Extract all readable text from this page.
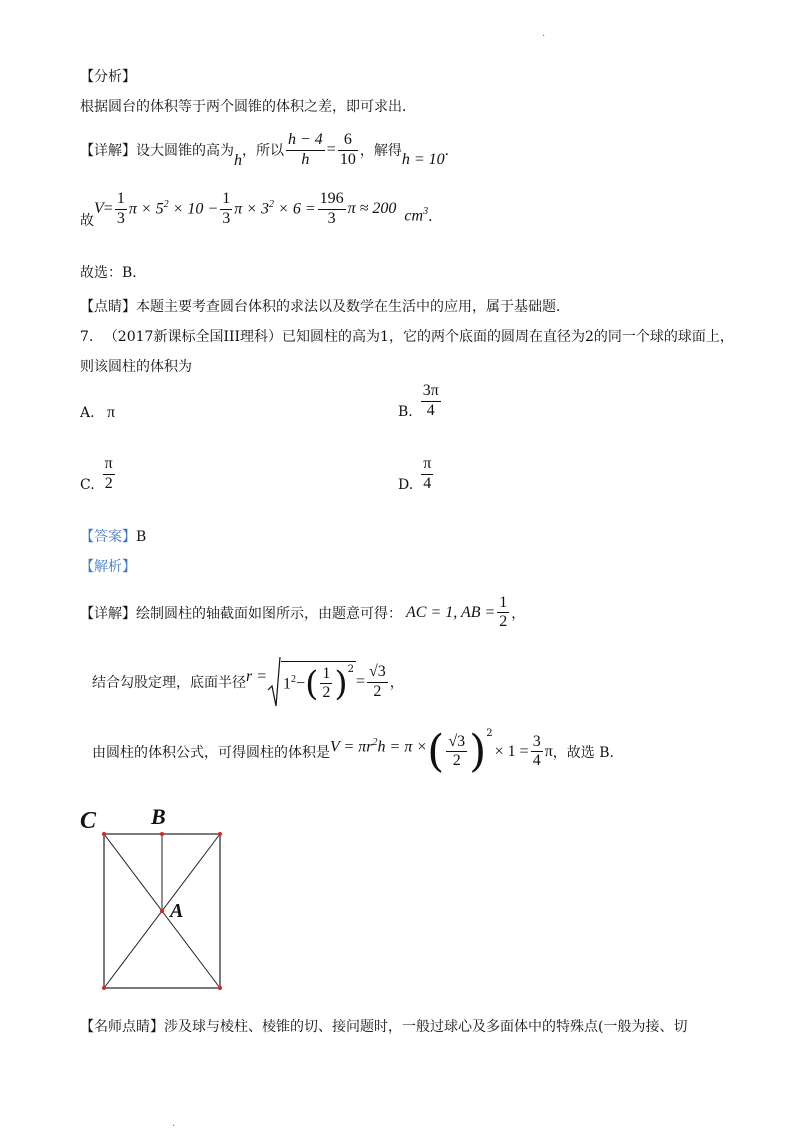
.
【分析】
根据圆台的体积等于两个圆锥的体积之差，即可求出．
【详解】 设大圆锥的高为
h
，所以 $\frac{h - 4}{h} = \frac{6}{10}$ ，解得 h = 10 ．
故
$V = \frac{1}{3}$ $\pi \times 5^2 \times 10 - \frac{1}{3}$ $\pi \times 3^2 \times 6 = \frac{196}{3}$ π ≈ 200 $cm^3$ ．
故选：B．
【点睛】本题主要考查圆台体积的求法以及数学在生活中的应用，属于基础题．
7. （2017新课标全国III理科）已知圆柱的高为1，它的两个底面的圆周在直径为2的同一个球的球面上，
则该圆柱的体积为
A. π	B. $\frac{3\pi}{4}$
C. $\frac{\pi}{2}$	D. $\frac{\pi}{4}$
【答案】B
【解析】
【详解】 绘制圆柱的轴截面如图所示，由题意可得： AC = 1, AB = $\frac{1}{2}$ ，
结合勾股定理，底面半径 $r = 1^2$ − ( $\frac{1}{2} )^2$
= $\frac{√3}{2}$ ，
由圆柱的体积公式，可得圆柱的体积是 $V = \pi r^2h = \pi$ × ( $\frac{√3}{2} )^2$
× $1 = \frac{3}{4}$ π ，故选 B.
C B
A
【名师点睛】涉及球与棱柱、棱锥的切、接问题时，一般过球心及多面体中的特殊点(一般为接、切
.
